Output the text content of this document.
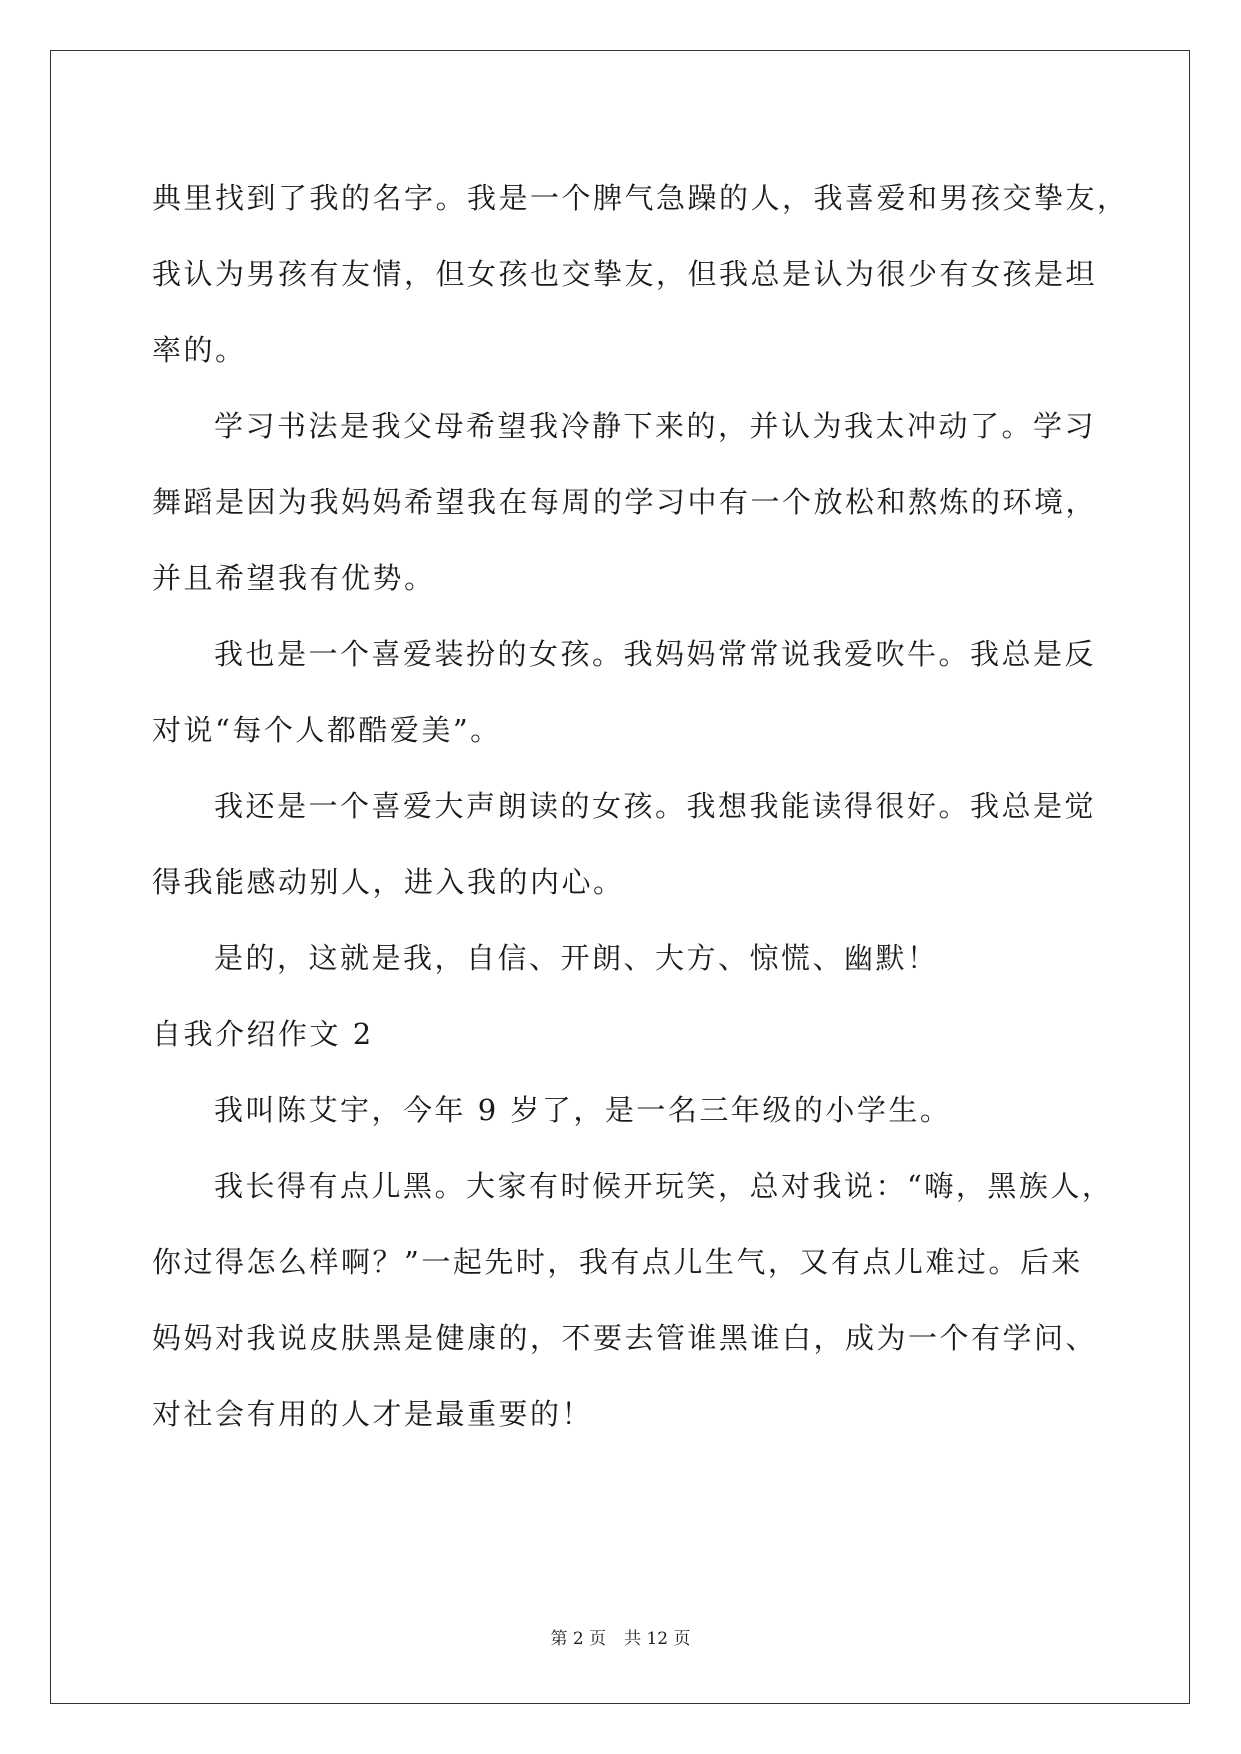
典里找到了我的名字。我是一个脾气急躁的人，我喜爱和男孩交挚友，
我认为男孩有友情，但女孩也交挚友，但我总是认为很少有女孩是坦
率的。
学习书法是我父母希望我冷静下来的，并认为我太冲动了。学习
舞蹈是因为我妈妈希望我在每周的学习中有一个放松和熬炼的环境，
并且希望我有优势。
我也是一个喜爱装扮的女孩。我妈妈常常说我爱吹牛。我总是反
对说“每个人都酷爱美”。
我还是一个喜爱大声朗读的女孩。我想我能读得很好。我总是觉
得我能感动别人，进入我的内心。
是的，这就是我，自信、开朗、大方、惊慌、幽默！
自我介绍作文 2
我叫陈艾宇，今年 9 岁了，是一名三年级的小学生。
我长得有点儿黑。大家有时候开玩笑，总对我说：“嗨，黑族人，
你过得怎么样啊？”一起先时，我有点儿生气，又有点儿难过。后来
妈妈对我说皮肤黑是健康的，不要去管谁黑谁白，成为一个有学问、
对社会有用的人才是最重要的！
第 2 页 共 12 页
